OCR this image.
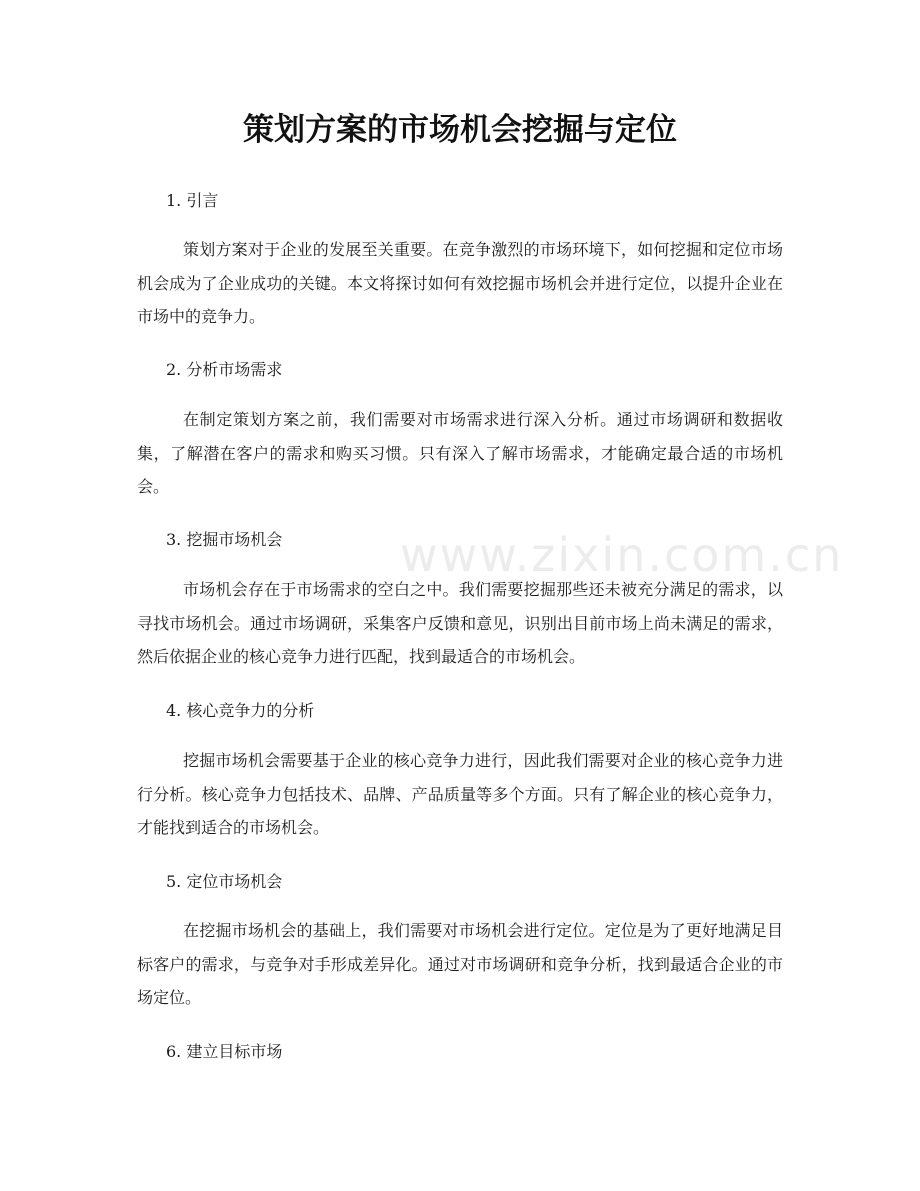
www.zixin.com.cn
策划方案的市场机会挖掘与定位
1. 引言

策划方案对于企业的发展至关重要。在竞争激烈的市场环境下，如何挖掘和定位市场机会成为了企业成功的关键。本文将探讨如何有效挖掘市场机会并进行定位，以提升企业在市场中的竞争力。

2. 分析市场需求

在制定策划方案之前，我们需要对市场需求进行深入分析。通过市场调研和数据收集，了解潜在客户的需求和购买习惯。只有深入了解市场需求，才能确定最合适的市场机会。

3. 挖掘市场机会

市场机会存在于市场需求的空白之中。我们需要挖掘那些还未被充分满足的需求，以寻找市场机会。通过市场调研，采集客户反馈和意见，识别出目前市场上尚未满足的需求，然后依据企业的核心竞争力进行匹配，找到最适合的市场机会。

4. 核心竞争力的分析

挖掘市场机会需要基于企业的核心竞争力进行，因此我们需要对企业的核心竞争力进行分析。核心竞争力包括技术、品牌、产品质量等多个方面。只有了解企业的核心竞争力，才能找到适合的市场机会。

5. 定位市场机会

在挖掘市场机会的基础上，我们需要对市场机会进行定位。定位是为了更好地满足目标客户的需求，与竞争对手形成差异化。通过对市场调研和竞争分析，找到最适合企业的市场定位。

6. 建立目标市场
